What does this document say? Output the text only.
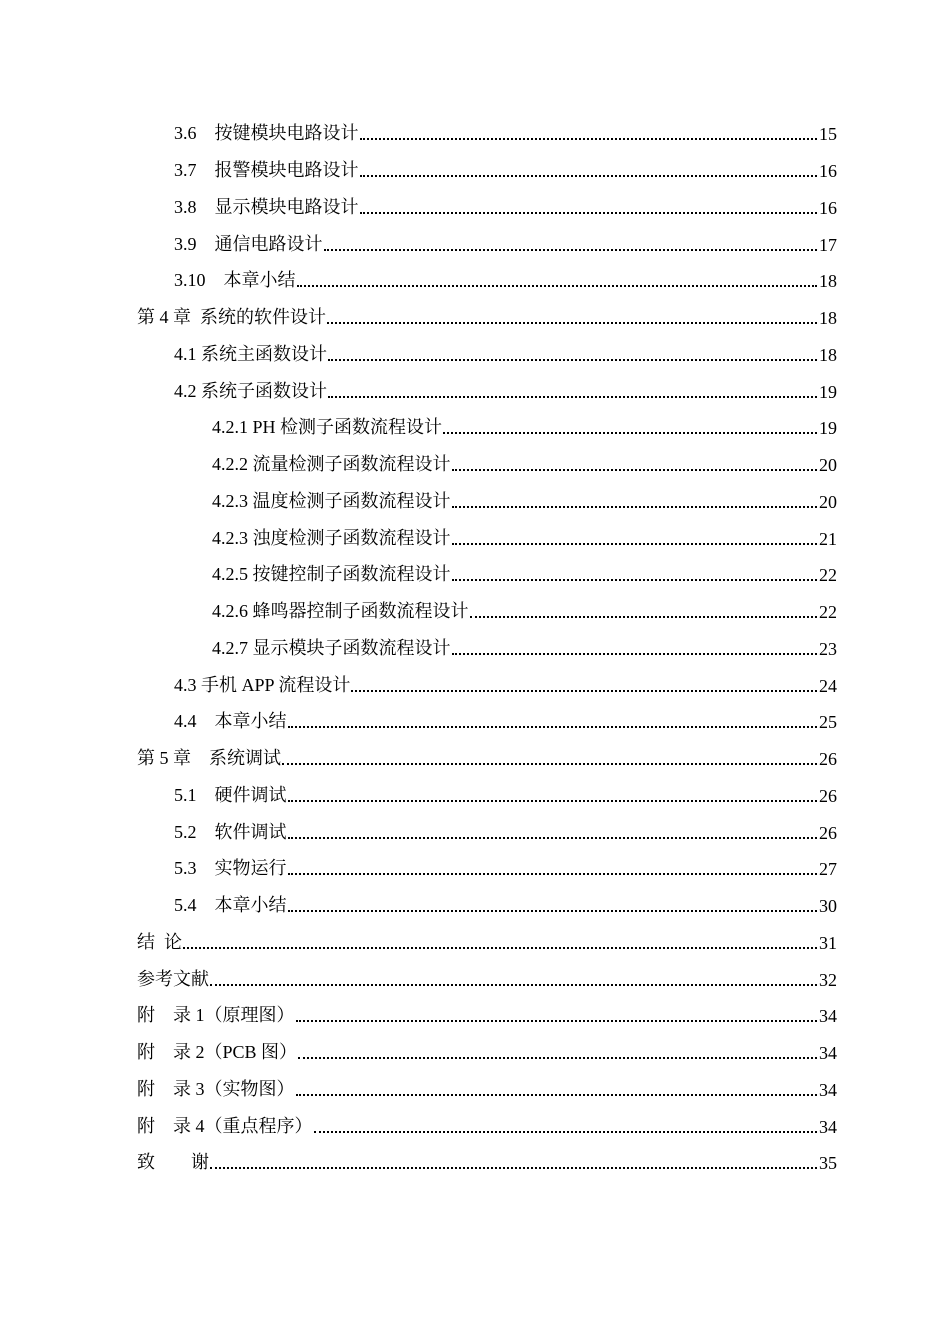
3.6　按键模块电路设计	15
3.7　报警模块电路设计	16
3.8　显示模块电路设计	16
3.9　通信电路设计	17
3.10　本章小结	18
第 4 章  系统的软件设计	18
4.1 系统主函数设计	18
4.2 系统子函数设计	19
4.2.1 PH 检测子函数流程设计	19
4.2.2 流量检测子函数流程设计	20
4.2.3 温度检测子函数流程设计	20
4.2.3 浊度检测子函数流程设计	21
4.2.5 按键控制子函数流程设计	22
4.2.6 蜂鸣器控制子函数流程设计	22
4.2.7 显示模块子函数流程设计	23
4.3 手机 APP 流程设计	24
4.4　本章小结	25
第 5 章　系统调试	26
5.1　硬件调试	26
5.2　软件调试	26
5.3　实物运行	27
5.4　本章小结	30
结  论	31
参考文献	32
附　录 1（原理图）	34
附　录 2（PCB 图）	34
附　录 3（实物图）	34
附　录 4（重点程序）	34
致　　谢	35
